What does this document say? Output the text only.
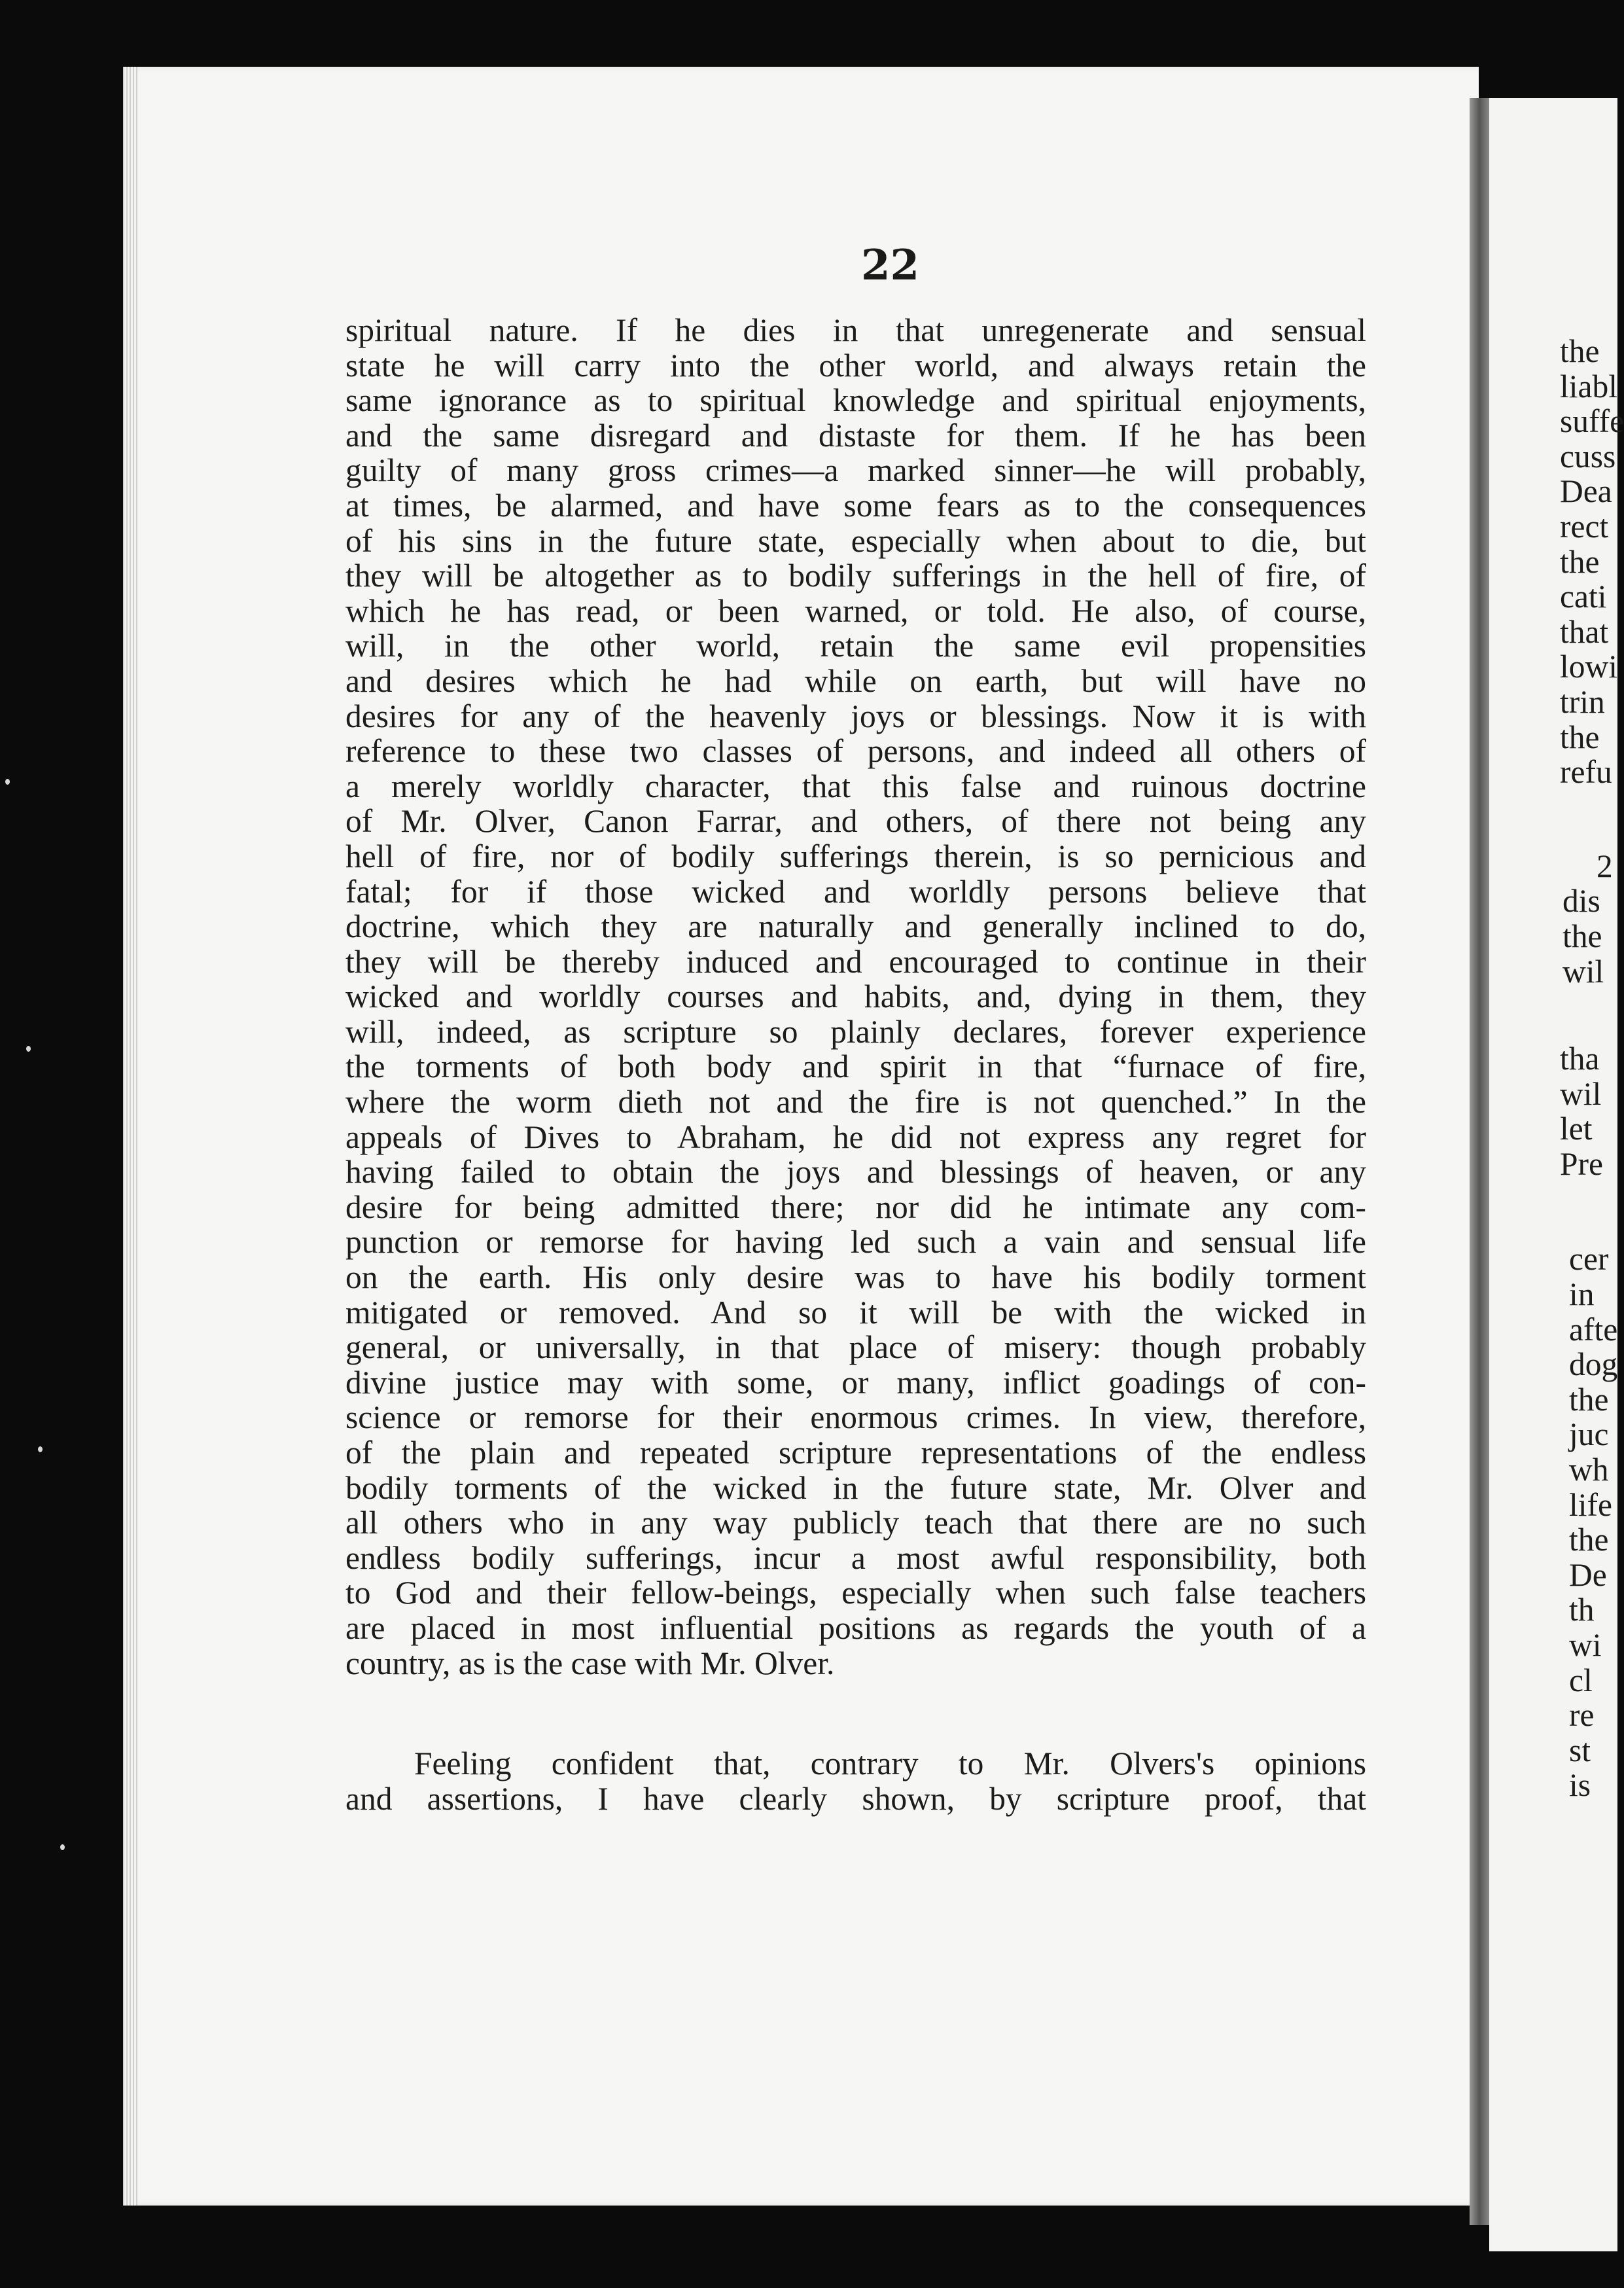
22
spiritual nature. If he dies in that unregenerate and sensual
state he will carry into the other world, and always retain the
same ignorance as to spiritual knowledge and spiritual enjoyments,
and the same disregard and distaste for them. If he has been
guilty of many gross crimes—a marked sinner—he will probably,
at times, be alarmed, and have some fears as to the consequences
of his sins in the future state, especially when about to die, but
they will be altogether as to bodily sufferings in the hell of fire, of
which he has read, or been warned, or told. He also, of course,
will, in the other world, retain the same evil propensities
and desires which he had while on earth, but will have no
desires for any of the heavenly joys or blessings. Now it is with
reference to these two classes of persons, and indeed all others of
a merely worldly character, that this false and ruinous doctrine
of Mr. Olver, Canon Farrar, and others, of there not being any
hell of fire, nor of bodily sufferings therein, is so pernicious and
fatal; for if those wicked and worldly persons believe that
doctrine, which they are naturally and generally inclined to do,
they will be thereby induced and encouraged to continue in their
wicked and worldly courses and habits, and, dying in them, they
will, indeed, as scripture so plainly declares, forever experience
the torments of both body and spirit in that “furnace of fire,
where the worm dieth not and the fire is not quenched.” In the
appeals of Dives to Abraham, he did not express any regret for
having failed to obtain the joys and blessings of heaven, or any
desire for being admitted there; nor did he intimate any com-
punction or remorse for having led such a vain and sensual life
on the earth. His only desire was to have his bodily torment
mitigated or removed. And so it will be with the wicked in
general, or universally, in that place of misery: though probably
divine justice may with some, or many, inflict goadings of con-
science or remorse for their enormous crimes. In view, therefore,
of the plain and repeated scripture representations of the endless
bodily torments of the wicked in the future state, Mr. Olver and
all others who in any way publicly teach that there are no such
endless bodily sufferings, incur a most awful responsibility, both
to God and their fellow-beings, especially when such false teachers
are placed in most influential positions as regards the youth of a
country, as is the case with Mr. Olver.
Feeling confident that, contrary to Mr. Olvers's opinions
and assertions, I have clearly shown, by scripture proof, that
the
liabl
suffe
cuss
Dea
rect
the
cati
that
lowi
trin
the
refu
2
dis
the
wil
tha
wil
let
Pre
cer
in
afte
dog
the
juc
wh
life
the
De
th
wi
cl
re
st
is
